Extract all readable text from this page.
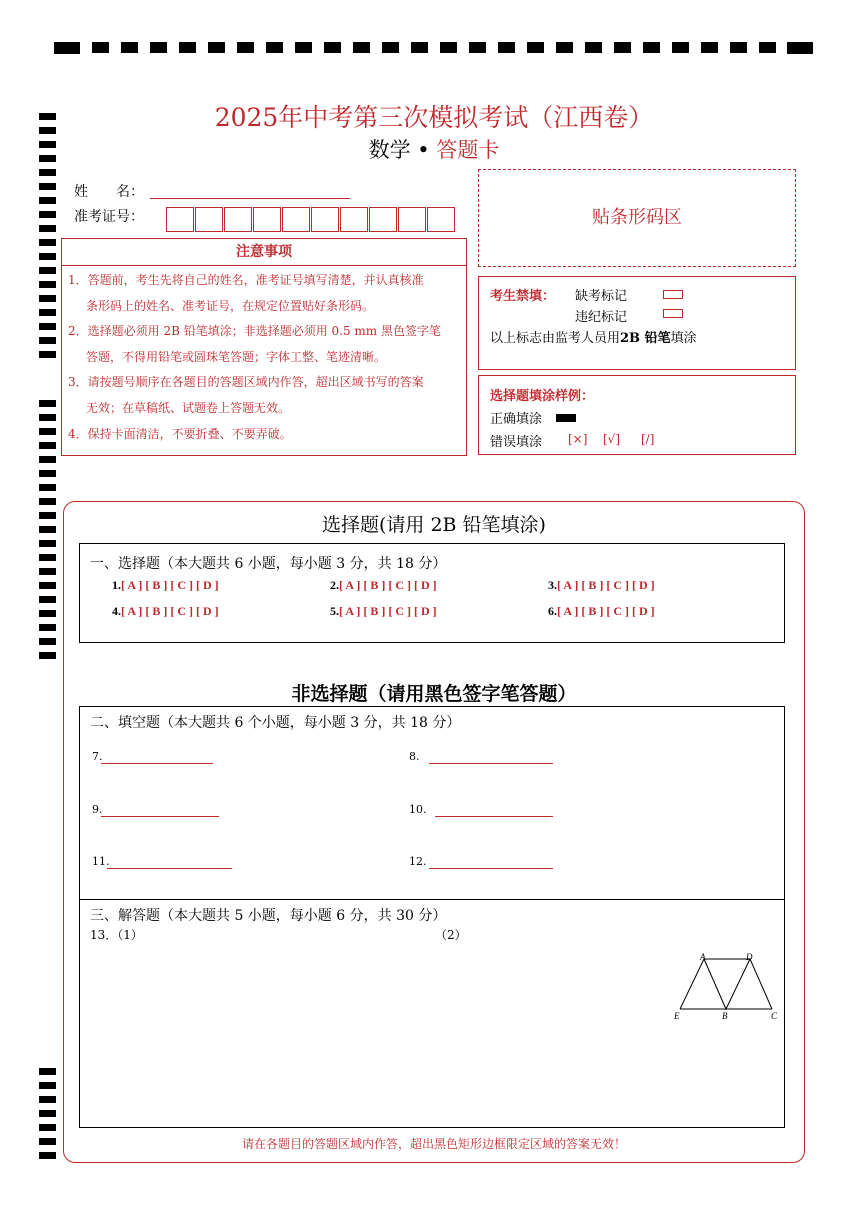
2025年中考第三次模拟考试（江西卷）
数学 • 答题卡
姓　　名：
准考证号：	贴条形码区
注意事项
1．答题前，考生先将自己的姓名，准考证号填写清楚，并认真核准
条形码上的姓名、准考证号，在规定位置贴好条形码。
2．选择题必须用 2B 铅笔填涂；非选择题必须用 0.5 mm 黑色签字笔
答题，不得用铅笔或圆珠笔答题；字体工整、笔迹清晰。
3．请按题号顺序在各题目的答题区域内作答，超出区域书写的答案
无效；在草稿纸、试题卷上答题无效。
4．保持卡面清洁，不要折叠、不要弄破。
考生禁填： 缺考标记
违纪标记
以上标志由监考人员用2B 铅笔填涂
选择题填涂样例：
正确填涂
错误填涂 [×] [√] [/]
选择题(请用 2B 铅笔填涂)
一、选择题（本大题共 6 小题，每小题 3 分，共 18 分）
1.[ A ] [ B ] [ C ] [ D ]	2.[ A ] [ B ] [ C ] [ D ]	3.[ A ] [ B ] [ C ] [ D ]
4.[ A ] [ B ] [ C ] [ D ]	5.[ A ] [ B ] [ C ] [ D ]	6.[ A ] [ B ] [ C ] [ D ]
非选择题（请用黑色签字笔答题）
二、填空题（本大题共 6 个小题，每小题 3 分，共 18 分）
7.	8.
9.	10.
11.	12.
三、解答题（本大题共 5 小题，每小题 6 分，共 30 分）
13．（1）	（2）
A	D
E	B	C
请在各题目的答题区域内作答，超出黑色矩形边框限定区域的答案无效！
